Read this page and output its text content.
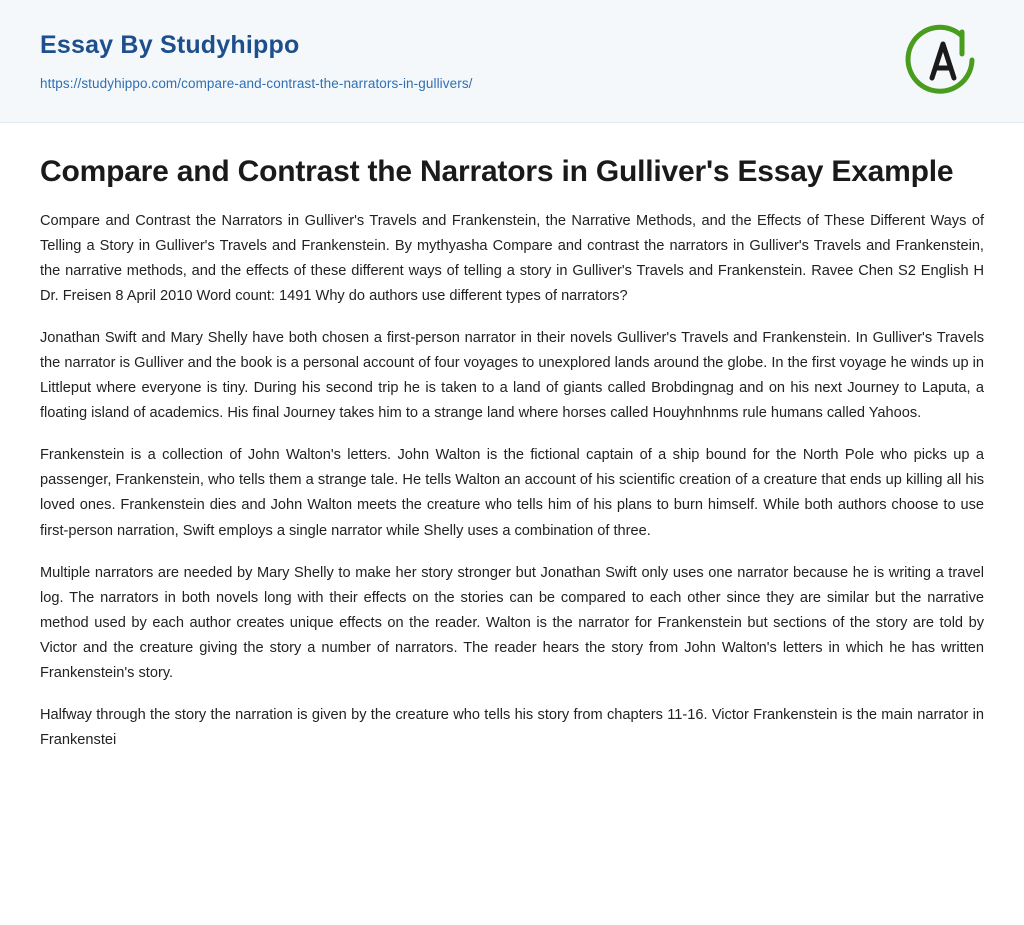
Essay By Studyhippo
https://studyhippo.com/compare-and-contrast-the-narrators-in-gullivers/
Compare and Contrast the Narrators in Gulliver's Essay Example

Compare and Contrast the Narrators in Gulliver's Travels and Frankenstein, the Narrative Methods, and the Effects of These Different Ways of Telling a Story in Gulliver's Travels and Frankenstein. By mythyasha Compare and contrast the narrators in Gulliver's Travels and Frankenstein, the narrative methods, and the effects of these different ways of telling a story in Gulliver's Travels and Frankenstein. Ravee Chen S2 English H Dr. Freisen 8 April 2010 Word count: 1491 Why do authors use different types of narrators?

Jonathan Swift and Mary Shelly have both chosen a first-person narrator in their novels Gulliver's Travels and Frankenstein. In Gulliver's Travels the narrator is Gulliver and the book is a personal account of four voyages to unexplored lands around the globe. In the first voyage he winds up in Littleput where everyone is tiny. During his second trip he is taken to a land of giants called Brobdingnag and on his next Journey to Laputa, a floating island of academics. His final Journey takes him to a strange land where horses called Houyhnhnms rule humans called Yahoos.

Frankenstein is a collection of John Walton's letters. John Walton is the fictional captain of a ship bound for the North Pole who picks up a passenger, Frankenstein, who tells them a strange tale. He tells Walton an account of his scientific creation of a creature that ends up killing all his loved ones. Frankenstein dies and John Walton meets the creature who tells him of his plans to burn himself. While both authors choose to use first-person narration, Swift employs a single narrator while Shelly uses a combination of three.

Multiple narrators are needed by Mary Shelly to make her story stronger but Jonathan Swift only uses one narrator because he is writing a travel log. The narrators in both novels long with their effects on the stories can be compared to each other since they are similar but the narrative method used by each author creates unique effects on the reader. Walton is the narrator for Frankenstein but sections of the story are told by Victor and the creature giving the story a number of narrators. The reader hears the story from John Walton's letters in which he has written Frankenstein's story.

Halfway through the story the narration is given by the creature who tells his story from chapters 11-16. Victor Frankenstein is the main narrator in Frankenstei
